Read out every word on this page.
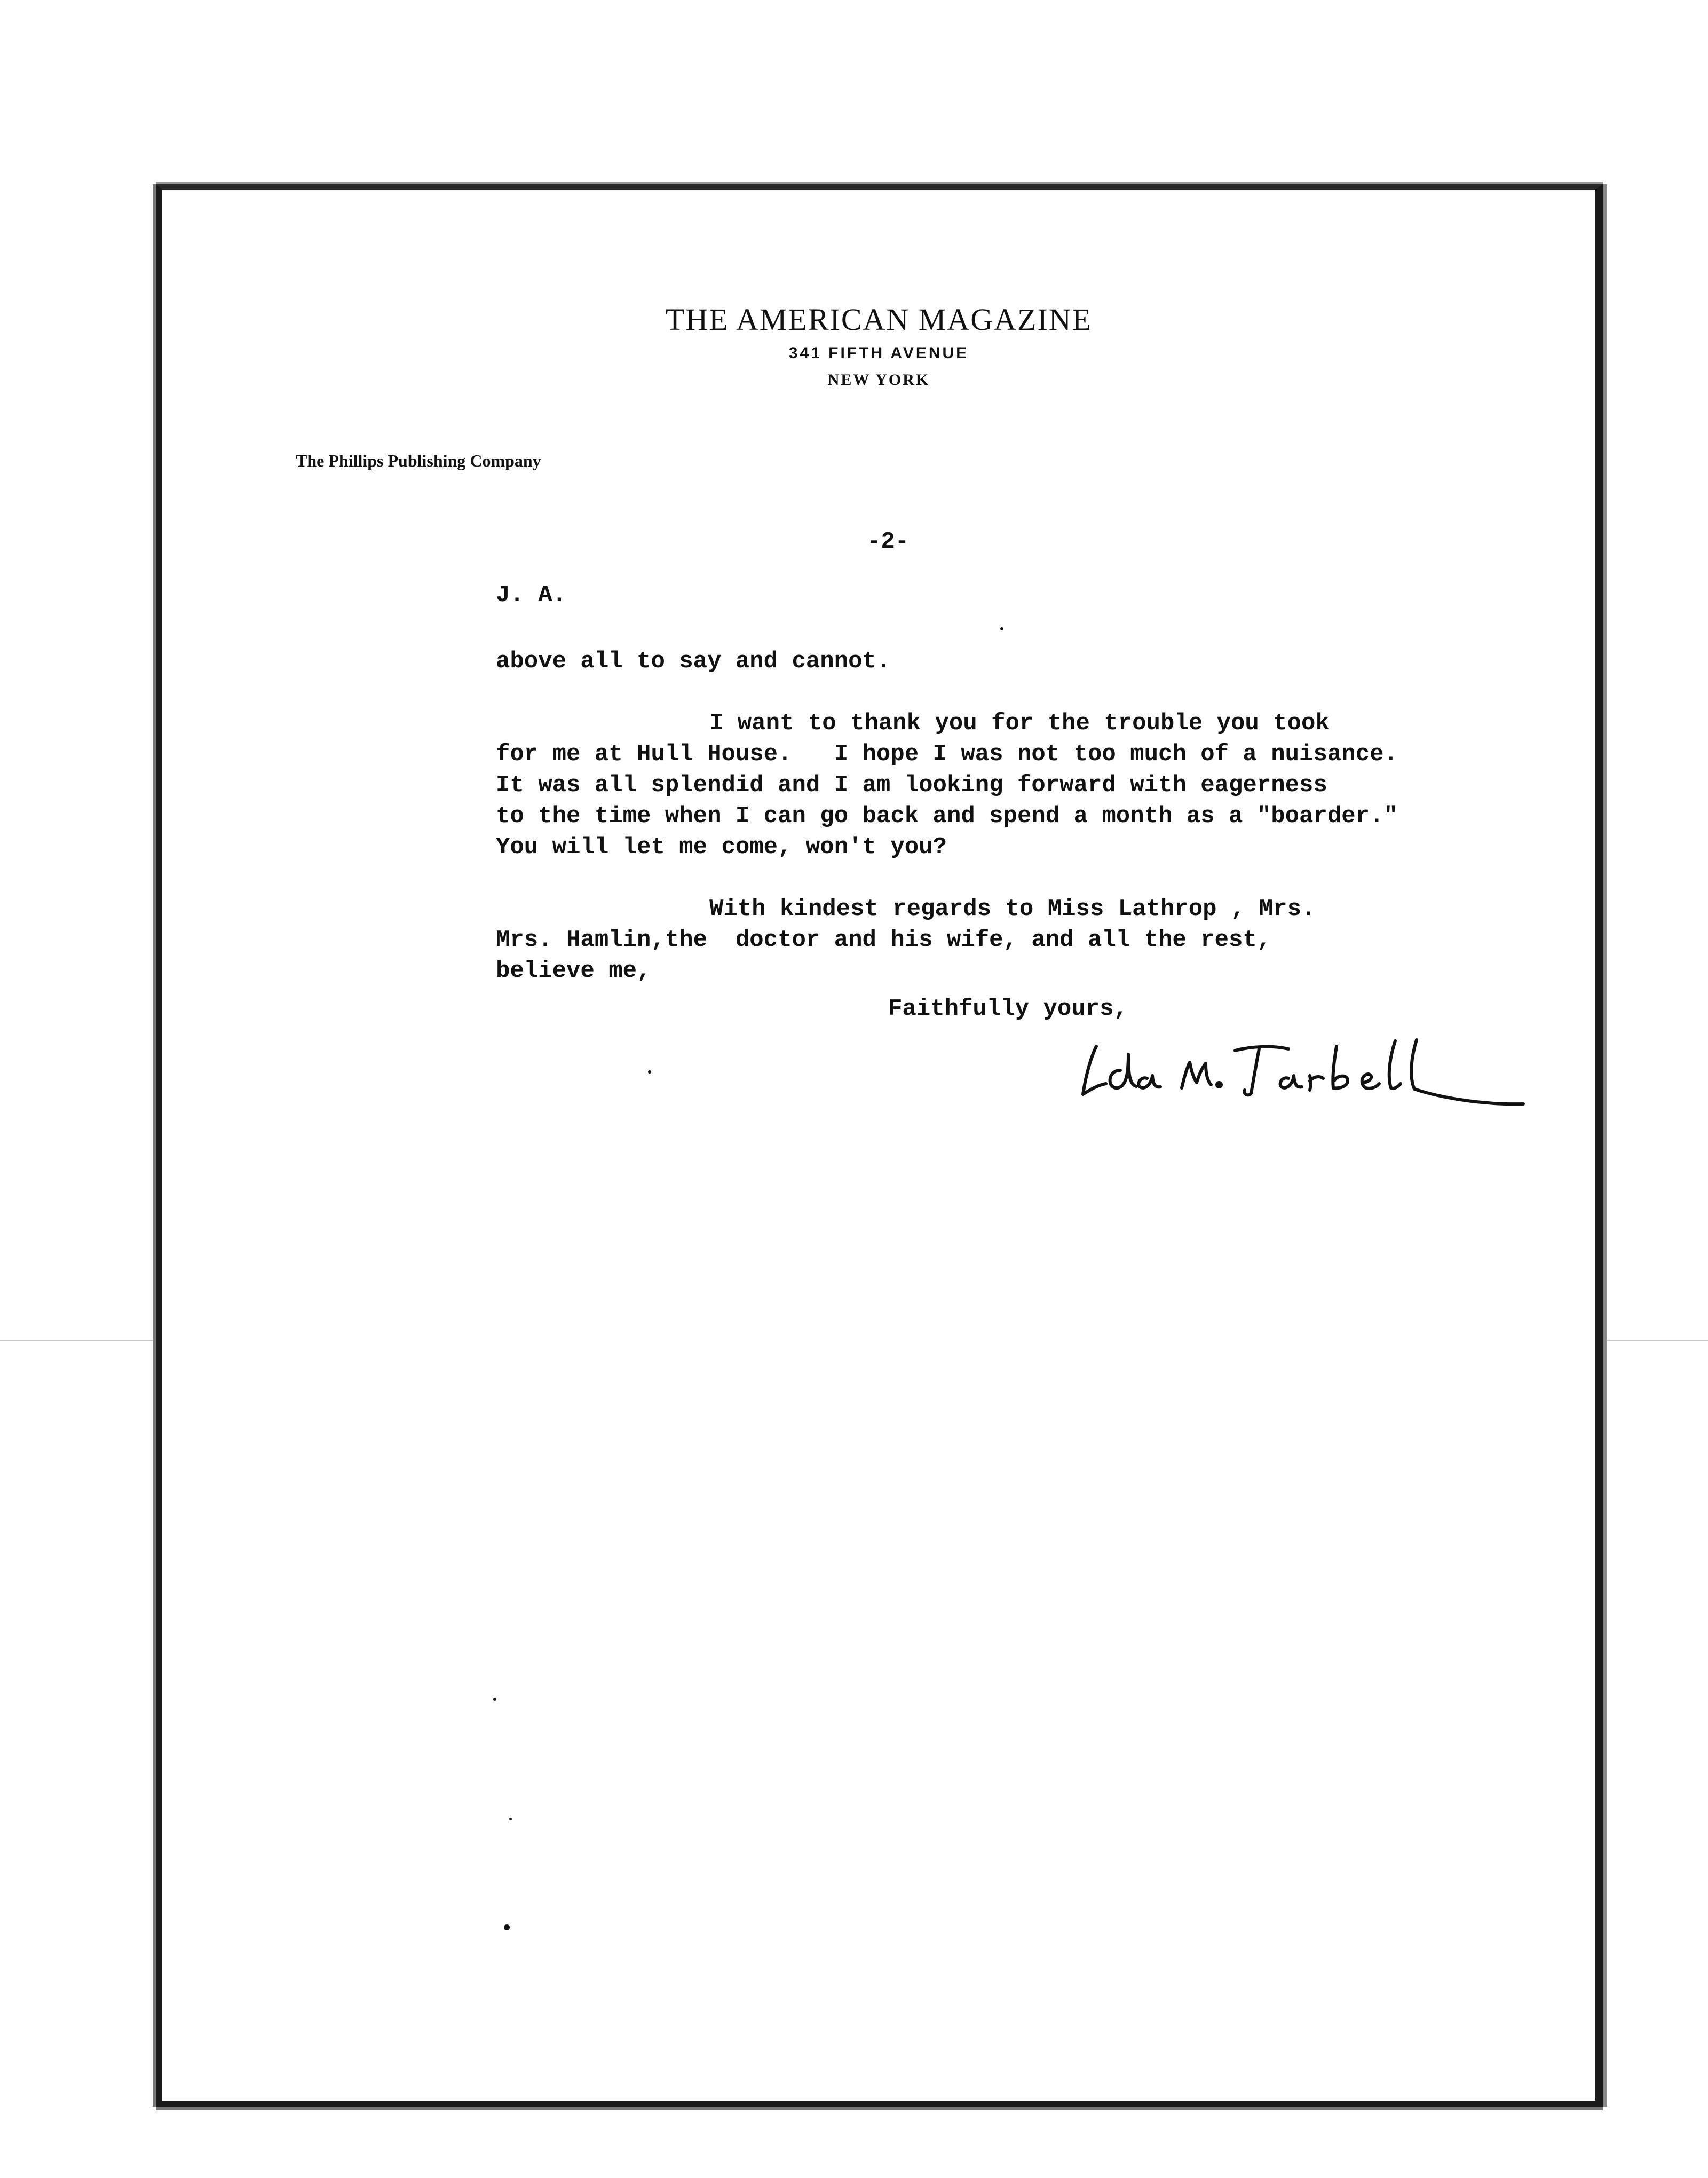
THE AMERICAN MAGAZINE
341 FIFTH AVENUE
NEW YORK
The Phillips Publishing Company
-2-
J. A.
above all to say and cannot.
I want to thank you for the trouble you took
for me at Hull House.   I hope I was not too much of a nuisance.
It was all splendid and I am looking forward with eagerness
to the time when I can go back and spend a month as a "boarder."
You will let me come, won't you?
With kindest regards to Miss Lathrop , Mrs.
Mrs. Hamlin,the  doctor and his wife, and all the rest,
believe me,
Faithfully yours,
